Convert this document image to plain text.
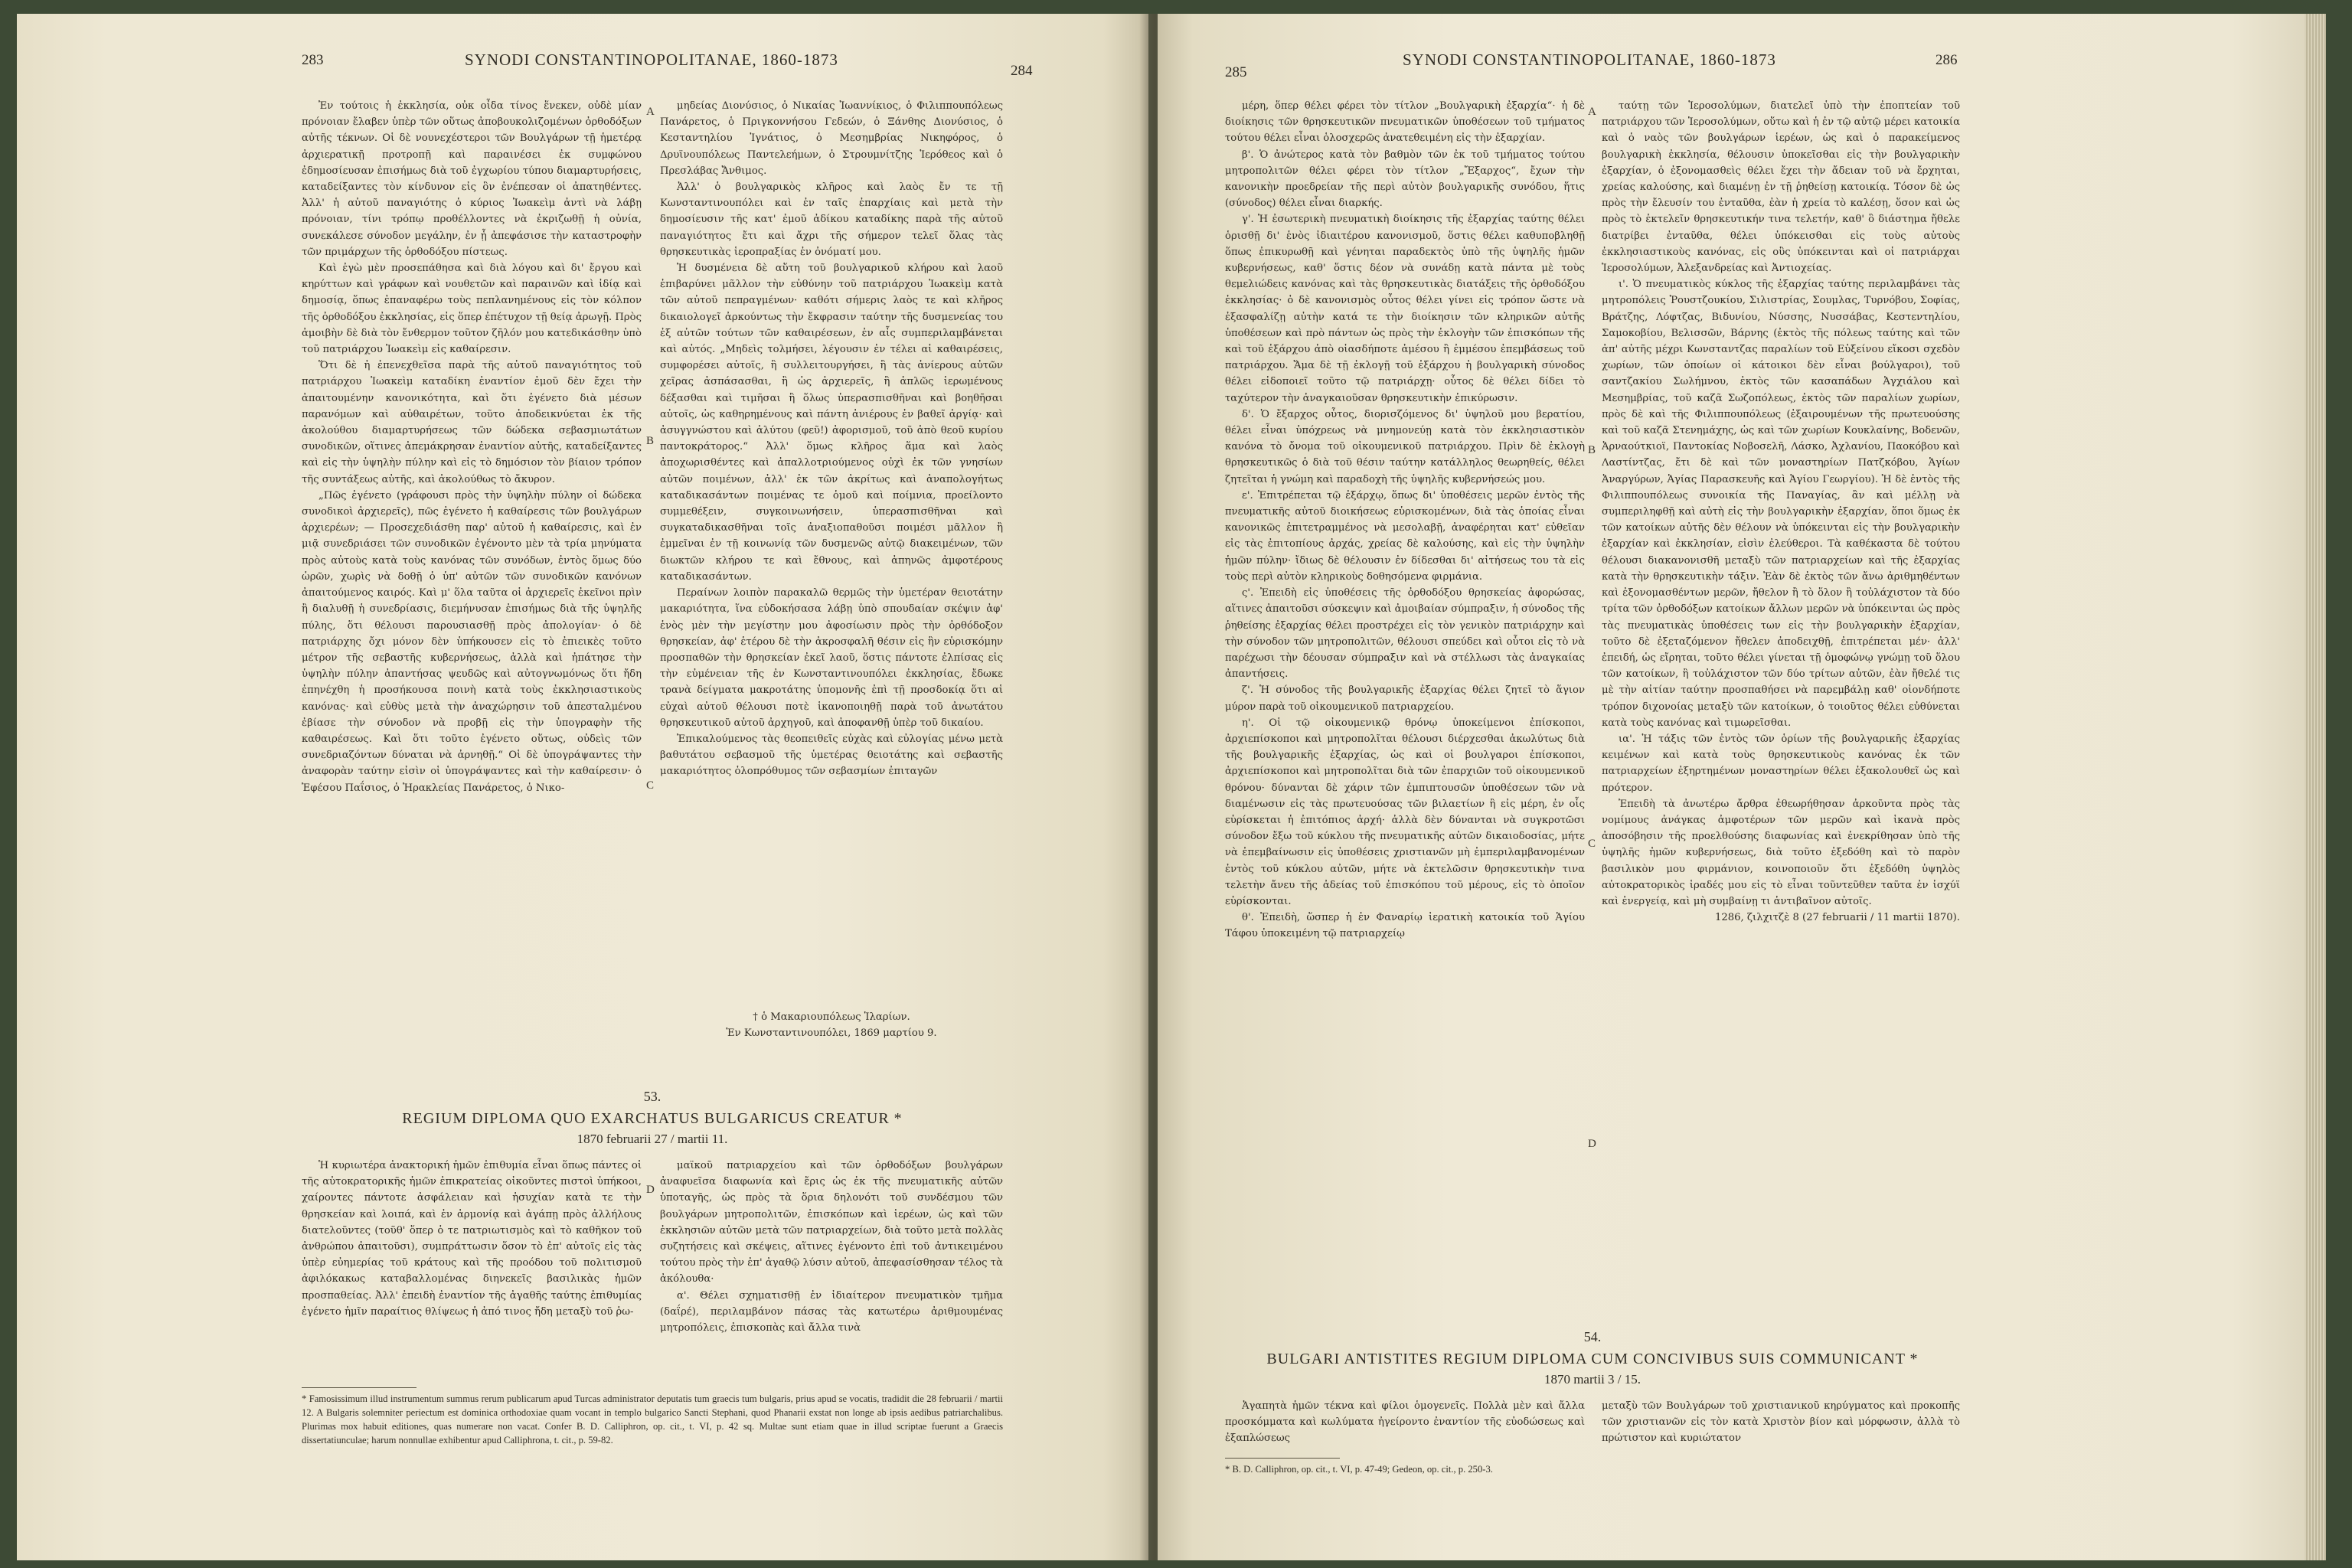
283	SYNODI CONSTANTINOPOLITANAE, 1860-1873
284

Ἐν τούτοις ἡ ἐκκλησία, οὐκ οἶδα τίνος ἕνεκεν, οὐδὲ μίαν πρόνοιαν ἔλαβεν ὑπὲρ τῶν οὕτως ἀποβουκολιζομένων ὀρθοδόξων αὐτῆς τέκνων. Οἱ δὲ νουνεχέστεροι τῶν Βουλγάρων τῇ ἡμετέρᾳ ἀρχιερατικῇ προτροπῇ καὶ παραινέσει ἐκ συμφώνου ἐδημοσίευσαν ἐπισήμως διὰ τοῦ ἐγχωρίου τύπου διαμαρτυρήσεις, καταδείξαντες τὸν κίνδυνον εἰς ὃν ἐνέπεσαν οἱ ἀπατηθέντες. Ἀλλ' ἡ αὐτοῦ παναγιότης ὁ κύριος Ἰωακεὶμ ἀντὶ νὰ λάβῃ πρόνοιαν, τίνι τρόπῳ προθέλλοντες νὰ ἐκριζωθῇ ἡ οὐνία, συνεκάλεσε σύνοδον μεγάλην, ἐν ᾗ ἀπεφάσισε τὴν καταστροφὴν τῶν πριμάρχων τῆς ὀρθοδόξου πίστεως.

Καὶ ἐγὼ μὲν προσεπάθησα καὶ διὰ λόγου καὶ δι' ἔργου καὶ κηρύττων καὶ γράφων καὶ νουθετῶν καὶ παραινῶν καὶ ἰδίᾳ καὶ δημοσίᾳ, ὅπως ἐπαναφέρω τοὺς πεπλανημένους εἰς τὸν κόλπον τῆς ὀρθοδόξου ἐκκλησίας, εἰς ὅπερ ἐπέτυχον τῇ θείᾳ ἀρωγῇ. Πρὸς ἀμοιβὴν δὲ διὰ τὸν ἔνθερμον τοῦτον ζῆλόν μου κατεδικάσθην ὑπὸ τοῦ πατριάρχου Ἰωακεὶμ εἰς καθαίρεσιν.

Ὅτι δὲ ἡ ἐπενεχθεῖσα παρὰ τῆς αὐτοῦ παναγιότητος τοῦ πατριάρχου Ἰωακεὶμ καταδίκη ἐναντίον ἐμοῦ δὲν ἔχει τὴν ἀπαιτουμένην κανονικότητα, καὶ ὅτι ἐγένετο διὰ μέσων παρανόμων καὶ αὐθαιρέτων, τοῦτο ἀποδεικνύεται ἐκ τῆς ἀκολούθου διαμαρτυρήσεως τῶν δώδεκα σεβασμιωτάτων συνοδικῶν, οἵτινες ἀπεμάκρησαν ἐναντίον αὐτῆς, καταδείξαντες καὶ εἰς τὴν ὑψηλὴν πύλην καὶ εἰς τὸ δημόσιον τὸν βίαιον τρόπον τῆς συντάξεως αὐτῆς, καὶ ἀκολούθως τὸ ἄκυρον.

„Πῶς ἐγένετο (γράφουσι πρὸς τὴν ὑψηλὴν πύλην οἱ δώδεκα συνοδικοὶ ἀρχιερεῖς), πῶς ἐγένετο ἡ καθαίρεσις τῶν βουλγάρων ἀρχιερέων; — Προσεχεδιάσθη παρ' αὐτοῦ ἡ καθαίρεσις, καὶ ἐν μιᾷ συνεδριάσει τῶν συνοδικῶν ἐγένοντο μὲν τὰ τρία μηνύματα πρὸς αὐτοὺς κατὰ τοὺς κανόνας τῶν συνόδων, ἐντὸς ὅμως δύο ὡρῶν, χωρὶς νὰ δοθῇ ὁ ὑπ' αὐτῶν τῶν συνοδικῶν κανόνων ἀπαιτούμενος καιρός. Καὶ μ' ὅλα ταῦτα οἱ ἀρχιερεῖς ἐκεῖνοι πρὶν ἢ διαλυθῇ ἡ συνεδρίασις, διεμήνυσαν ἐπισήμως διὰ τῆς ὑψηλῆς πύλης, ὅτι θέλουσι παρουσιασθῇ πρὸς ἀπολογίαν· ὁ δὲ πατριάρχης ὄχι μόνον δὲν ὑπήκουσεν εἰς τὸ ἐπιεικὲς τοῦτο μέτρον τῆς σεβαστῆς κυβερνήσεως, ἀλλὰ καὶ ἠπάτησε τὴν ὑψηλὴν πύλην ἀπαντήσας ψευδῶς καὶ αὐτογνωμόνως ὅτι ἤδη ἐπηνέχθη ἡ προσήκουσα ποινὴ κατὰ τοὺς ἐκκλησιαστικοὺς κανόνας· καὶ εὐθὺς μετὰ τὴν ἀναχώρησιν τοῦ ἀπεσταλμένου ἐβίασε τὴν σύνοδον νὰ προβῇ εἰς τὴν ὑπογραφὴν τῆς καθαιρέσεως. Καὶ ὅτι τοῦτο ἐγένετο οὕτως, οὐδεὶς τῶν συνεδριαζόντων δύναται νὰ ἀρνηθῇ.“ Οἱ δὲ ὑπογράψαντες τὴν ἀναφορὰν ταύτην εἰσὶν οἱ ὑπογράψαντες καὶ τὴν καθαίρεσιν· ὁ Ἐφέσου Παΐσιος, ὁ Ἡρακλείας Πανάρετος, ὁ Νικο-

A
B
C
D

μηδείας Διονύσιος, ὁ Νικαίας Ἰωαννίκιος, ὁ Φιλιππουπόλεως Πανάρετος, ὁ Πριγκοννήσου Γεδεών, ὁ Ξάνθης Διονύσιος, ὁ Κεσταντηλίου Ἰγνάτιος, ὁ Μεσημβρίας Νικηφόρος, ὁ Δρυϊνουπόλεως Παντελεήμων, ὁ Στρουμνίτζης Ἱερόθεος καὶ ὁ Πρεσλάβας Ἄνθιμος.

Ἀλλ' ὁ βουλγαρικὸς κλῆρος καὶ λαὸς ἔν τε τῇ Κωνσταντινουπόλει καὶ ἐν ταῖς ἐπαρχίαις καὶ μετὰ τὴν δημοσίευσιν τῆς κατ' ἐμοῦ ἀδίκου καταδίκης παρὰ τῆς αὐτοῦ παναγιότητος ἔτι καὶ ἄχρι τῆς σήμερον τελεῖ ὅλας τὰς θρησκευτικὰς ἱεροπραξίας ἐν ὀνόματί μου.

Ἡ δυσμένεια δὲ αὕτη τοῦ βουλγαρικοῦ κλήρου καὶ λαοῦ ἐπιβαρύνει μᾶλλον τὴν εὐθύνην τοῦ πατριάρχου Ἰωακεὶμ κατὰ τῶν αὐτοῦ πεπραγμένων· καθότι σήμερις λαὸς τε καὶ κλῆρος δικαιολογεῖ ἀρκούντως τὴν ἔκφρασιν ταύτην τῆς δυσμενείας του ἐξ αὐτῶν τούτων τῶν καθαιρέσεων, ἐν αἷς συμπεριλαμβάνεται καὶ αὐτός. „Μηδεὶς τολμήσει, λέγουσιν ἐν τέλει αἱ καθαιρέσεις, συμφορέσει αὐτοῖς, ἢ συλλειτουργήσει, ἢ τὰς ἀνίερους αὐτῶν χεῖρας ἀσπάσασθαι, ἢ ὡς ἀρχιερεῖς, ἢ ἁπλῶς ἱερωμένους δέξασθαι καὶ τιμῆσαι ἢ ὅλως ὑπερασπισθῆναι καὶ βοηθῆσαι αὐτοῖς, ὡς καθηρημένους καὶ πάντη ἀνιέρους ἐν βαθεῖ ἀργίᾳ· καὶ ἀσυγγνώστου καὶ ἀλύτου (φεῦ!) ἀφορισμοῦ, τοῦ ἀπὸ θεοῦ κυρίου παντοκράτορος.“ Ἀλλ' ὅμως κλῆρος ἅμα καὶ λαὸς ἀποχωρισθέντες καὶ ἀπαλλοτριούμενος οὐχὶ ἐκ τῶν γνησίων αὐτῶν ποιμένων, ἀλλ' ἐκ τῶν ἀκρίτως καὶ ἀναπολογήτως καταδικασάντων ποιμένας τε ὁμοῦ καὶ ποίμνια, προείλοντο συμμεθέξειν, συγκοινωνήσειν, ὑπερασπισθῆναι καὶ συγκαταδικασθῆναι τοῖς ἀναξιοπαθοῦσι ποιμέσι μᾶλλον ἢ ἐμμεῖναι ἐν τῇ κοινωνίᾳ τῶν δυσμενῶς αὐτῷ διακειμένων, τῶν διωκτῶν κλήρου τε καὶ ἔθνους, καὶ ἀπηνῶς ἀμφοτέρους καταδικασάντων.

Περαίνων λοιπὸν παρακαλῶ θερμῶς τὴν ὑμετέραν θειοτάτην μακαριότητα, ἵνα εὐδοκήσασα λάβῃ ὑπὸ σπουδαίαν σκέψιν ἀφ' ἑνὸς μὲν τὴν μεγίστην μου ἀφοσίωσιν πρὸς τὴν ὀρθόδοξον θρησκείαν, ἀφ' ἑτέρου δὲ τὴν ἀκροσφαλῆ θέσιν εἰς ἣν εὑρισκόμην προσπαθῶν τὴν θρησκείαν ἐκεῖ λαοῦ, ὅστις πάντοτε ἐλπίσας εἰς τὴν εὐμένειαν τῆς ἐν Κωνσταντινουπόλει ἐκκλησίας, ἔδωκε τρανὰ δείγματα μακροτάτης ὑπομονῆς ἐπὶ τῇ προσδοκίᾳ ὅτι αἱ εὐχαὶ αὐτοῦ θέλουσι ποτὲ ἱκανοποιηθῇ παρὰ τοῦ ἀνωτάτου θρησκευτικοῦ αὐτοῦ ἀρχηγοῦ, καὶ ἀποφανθῇ ὑπὲρ τοῦ δικαίου.

Ἐπικαλούμενος τὰς θεοπειθεῖς εὐχὰς καὶ εὐλογίας μένω μετὰ βαθυτάτου σεβασμοῦ τῆς ὑμετέρας θειοτάτης καὶ σεβαστῆς μακαριότητος ὁλοπρόθυμος τῶν σεβασμίων ἐπιταγῶν

† ὁ Μακαριουπόλεως Ἱλαρίων.
Ἐν Κωνσταντινουπόλει, 1869 μαρτίου 9.
53.
REGIUM DIPLOMA QUO EXARCHATUS BULGARICUS CREATUR *
1870 februarii 27 / martii 11.

Ἡ κυριωτέρα ἀνακτορική ἡμῶν ἐπιθυμία εἶναι ὅπως πάντες οἱ τῆς αὐτοκρατορικῆς ἡμῶν ἐπικρατείας οἰκοῦντες πιστοὶ ὑπήκοοι, χαίροντες πάντοτε ἀσφάλειαν καὶ ἡσυχίαν κατὰ τε τὴν θρησκείαν καὶ λοιπά, καὶ ἐν ἁρμονίᾳ καὶ ἀγάπῃ πρὸς ἀλλήλους διατελοῦντες (τοῦθ' ὅπερ ὁ τε πατριωτισμὸς καὶ τὸ καθῆκον τοῦ ἀνθρώπου ἀπαιτοῦσι), συμπράττωσιν ὅσον τὸ ἐπ' αὐτοῖς εἰς τὰς ὑπὲρ εὐημερίας τοῦ κράτους καὶ τῆς προόδου τοῦ πολιτισμοῦ ἀφιλόκακως καταβαλλομένας διηνεκεῖς βασιλικὰς ἡμῶν προσπαθείας. Ἀλλ' ἐπειδὴ ἐναντίον τῆς ἀγαθῆς ταύτης ἐπιθυμίας ἐγένετο ἡμῖν παραίτιος θλίψεως ἡ ἀπό τινος ἤδη μεταξὺ τοῦ ῥω-

μαϊκοῦ πατριαρχείου καὶ τῶν ὀρθοδόξων βουλγάρων ἀναφυεῖσα διαφωνία καὶ ἔρις ὡς ἐκ τῆς πνευματικῆς αὐτῶν ὑποταγῆς, ὡς πρὸς τὰ ὅρια δηλονότι τοῦ συνδέσμου τῶν βουλγάρων μητροπολιτῶν, ἐπισκόπων καὶ ἱερέων, ὡς καὶ τῶν ἐκκλησιῶν αὐτῶν μετὰ τῶν πατριαρχείων, διὰ τοῦτο μετὰ πολλὰς συζητήσεις καὶ σκέψεις, αἵτινες ἐγένοντο ἐπὶ τοῦ ἀντικειμένου τούτου πρὸς τὴν ἐπ' ἀγαθῷ λύσιν αὐτοῦ, ἀπεφασίσθησαν τέλος τὰ ἀκόλουθα·

α'. Θέλει σχηματισθῇ ἐν ἰδιαίτερον πνευματικὸν τμῆμα (δαΐρέ), περιλαμβάνον πάσας τὰς κατωτέρω ἀριθμουμένας μητροπόλεις, ἐπισκοπὰς καὶ ἄλλα τινὰ

* Famosissimum illud instrumentum summus rerum publicarum apud Turcas administrator deputatis tum graecis tum bulgaris, prius apud se vocatis, tradidit die 28 februarii / martii 12. A Bulgaris solemniter periectum est dominica orthodoxiae quam vocant in templo bulgarico Sancti Stephani, quod Phanarii exstat non longe ab ipsis aedibus patriarchalibus. Plurimas mox habuit editiones, quas numerare non vacat. Confer B. D. Calliphron, op. cit., t. VI, p. 42 sq. Multae sunt etiam quae in illud scriptae fuerunt a Graecis dissertatiunculae; harum nonnullae exhibentur apud Calliphrona, t. cit., p. 59-82.
285
SYNODI CONSTANTINOPOLITANAE, 1860-1873	286

μέρη, ὅπερ θέλει φέρει τὸν τίτλον „Βουλγαρικὴ ἐξαρχία“· ἡ δὲ διοίκησις τῶν θρησκευτικῶν πνευματικῶν ὑποθέσεων τοῦ τμήματος τούτου θέλει εἶναι ὁλοσχερῶς ἀνατεθειμένη εἰς τὴν ἐξαρχίαν.

β'. Ὁ ἀνώτερος κατὰ τὸν βαθμὸν τῶν ἐκ τοῦ τμήματος τούτου μητροπολιτῶν θέλει φέρει τὸν τίτλον „Ἔξαρχος“, ἔχων τὴν κανονικὴν προεδρείαν τῆς περὶ αὐτὸν βουλγαρικῆς συνόδου, ἥτις (σύνοδος) θέλει εἶναι διαρκής.

γ'. Ἡ ἐσωτερικὴ πνευματικὴ διοίκησις τῆς ἐξαρχίας ταύτης θέλει ὁρισθῇ δι' ἑνὸς ἰδιαιτέρου κανονισμοῦ, ὅστις θέλει καθυποβληθῇ ὅπως ἐπικυρωθῇ καὶ γένηται παραδεκτὸς ὑπὸ τῆς ὑψηλῆς ἡμῶν κυβερνήσεως, καθ' ὅστις δέον νὰ συνάδῃ κατὰ πάντα μὲ τοὺς θεμελιώδεις κανόνας καὶ τὰς θρησκευτικὰς διατάξεις τῆς ὀρθοδόξου ἐκκλησίας· ὁ δὲ κανονισμὸς οὗτος θέλει γίνει εἰς τρόπον ὥστε νὰ ἐξασφαλίζῃ αὐτὴν κατά τε τὴν διοίκησιν τῶν κληρικῶν αὐτῆς ὑποθέσεων καὶ πρὸ πάντων ὡς πρὸς τὴν ἐκλογὴν τῶν ἐπισκόπων τῆς καὶ τοῦ ἐξάρχου ἀπὸ οἱασδήποτε ἀμέσου ἢ ἐμμέσου ἐπεμβάσεως τοῦ πατριάρχου. Ἅμα δὲ τῇ ἐκλογῇ τοῦ ἐξάρχου ἡ βουλγαρικὴ σύνοδος θέλει εἰδοποιεῖ τοῦτο τῷ πατριάρχῃ· οὗτος δὲ θέλει δίδει τὸ ταχύτερον τὴν ἀναγκαιοῦσαν θρησκευτικὴν ἐπικύρωσιν.

δ'. Ὁ ἔξαρχος οὗτος, διορισζόμενος δι' ὑψηλοῦ μου βερατίου, θέλει εἶναι ὑπόχρεως νὰ μνημονεύῃ κατὰ τὸν ἐκκλησιαστικὸν κανόνα τὸ ὄνομα τοῦ οἰκουμενικοῦ πατριάρχου. Πρὶν δὲ ἐκλογὴ θρησκευτικῶς ὁ διὰ τοῦ θέσιν ταύτην κατάλληλος θεωρηθείς, θέλει ζητεῖται ἡ γνώμη καὶ παραδοχὴ τῆς ὑψηλῆς κυβερνήσεώς μου.

ε'. Ἐπιτρέπεται τῷ ἐξάρχῳ, ὅπως δι' ὑποθέσεις μερῶν ἐντὸς τῆς πνευματικῆς αὐτοῦ διοικήσεως εὑρισκομένων, διὰ τὰς ὁποίας εἶναι κανονικῶς ἐπιτετραμμένος νὰ μεσολαβῇ, ἀναφέρηται κατ' εὐθεῖαν εἰς τὰς ἐπιτοπίους ἀρχάς, χρείας δὲ καλούσης, καὶ εἰς τὴν ὑψηλὴν ἡμῶν πύλην· ἴδιως δὲ θέλουσιν ἐν δίδεσθαι δι' αἰτήσεως του τὰ εἰς τοὺς περὶ αὐτὸν κληρικοὺς δοθησόμενα φιρμάνια.

ς'. Ἐπειδὴ εἰς ὑποθέσεις τῆς ὀρθοδόξου θρησκείας ἀφορώσας, αἵτινες ἀπαιτοῦσι σύσκεψιν καὶ ἀμοιβαίαν σύμπραξιν, ἡ σύνοδος τῆς ῥηθείσης ἐξαρχίας θέλει προστρέχει εἰς τὸν γενικὸν πατριάρχην καὶ τὴν σύνοδον τῶν μητροπολιτῶν, θέλουσι σπεύδει καὶ οὗτοι εἰς τὸ νὰ παρέχωσι τὴν δέουσαν σύμπραξιν καὶ νὰ στέλλωσι τὰς ἀναγκαίας ἀπαντήσεις.

ζ'. Ἡ σύνοδος τῆς βουλγαρικῆς ἐξαρχίας θέλει ζητεῖ τὸ ἅγιον μύρον παρὰ τοῦ οἰκουμενικοῦ πατριαρχείου.

η'. Οἱ τῷ οἰκουμενικῷ θρόνῳ ὑποκείμενοι ἐπίσκοποι, ἀρχιεπίσκοποι καὶ μητροπολῖται θέλουσι διέρχεσθαι ἀκωλύτως διὰ τῆς βουλγαρικῆς ἐξαρχίας, ὡς καὶ οἱ βουλγαροι ἐπίσκοποι, ἀρχιεπίσκοποι καὶ μητροπολῖται διὰ τῶν ἐπαρχιῶν τοῦ οἰκουμενικοῦ θρόνου· δύνανται δὲ χάριν τῶν ἐμπιπτουσῶν ὑποθέσεων τῶν νὰ διαμένωσιν εἰς τὰς πρωτευούσας τῶν βιλαετίων ἢ εἰς μέρη, ἐν οἷς εὑρίσκεται ἡ ἐπιτόπιος ἀρχή· ἀλλὰ δὲν δύνανται νὰ συγκροτῶσι σύνοδον ἔξω τοῦ κύκλου τῆς πνευματικῆς αὐτῶν δικαιοδοσίας, μήτε νὰ ἐπεμβαίνωσιν εἰς ὑποθέσεις χριστιανῶν μὴ ἐμπεριλαμβανομένων ἐντὸς τοῦ κύκλου αὐτῶν, μήτε νὰ ἐκτελῶσιν θρησκευτικὴν τινα τελετὴν ἄνευ τῆς ἀδείας τοῦ ἐπισκόπου τοῦ μέρους, εἰς τὸ ὁποῖον εὑρίσκονται.

θ'. Ἐπειδὴ, ὥσπερ ἡ ἐν Φαναρίῳ ἱερατικὴ κατοικία τοῦ Ἁγίου Τάφου ὑποκειμένη τῷ πατριαρχείῳ

A
B
C
D

ταύτῃ τῶν Ἱεροσολύμων, διατελεῖ ὑπὸ τὴν ἐποπτείαν τοῦ πατριάρχου τῶν Ἱεροσολύμων, οὕτω καὶ ἡ ἐν τῷ αὐτῷ μέρει κατοικία καὶ ὁ ναὸς τῶν βουλγάρων ἱερέων, ὡς καὶ ὁ παρακείμενος βουλγαρικὴ ἐκκλησία, θέλουσιν ὑποκεῖσθαι εἰς τὴν βουλγαρικὴν ἐξαρχίαν, ὁ ἐξονομασθεὶς θέλει ἔχει τὴν ἄδειαν τοῦ νὰ ἔρχηται, χρείας καλούσης, καὶ διαμένῃ ἐν τῇ ῥηθείσῃ κατοικίᾳ. Τόσον δὲ ὡς πρὸς τὴν ἔλευσίν του ἐνταῦθα, ἐὰν ἡ χρεία τὸ καλέσῃ, ὅσον καὶ ὡς πρὸς τὸ ἐκτελεῖν θρησκευτικήν τινα τελετήν, καθ' ὃ διάστημα ἤθελε διατρίβει ἐνταῦθα, θέλει ὑπόκεισθαι εἰς τοὺς αὐτοὺς ἐκκλησιαστικοὺς κανόνας, εἰς οὓς ὑπόκεινται καὶ οἱ πατριάρχαι Ἱεροσολύμων, Ἀλεξανδρείας καὶ Ἀντιοχείας.

ι'. Ὁ πνευματικὸς κύκλος τῆς ἐξαρχίας ταύτης περιλαμβάνει τὰς μητροπόλεις Ῥουστζουκίου, Σιλιστρίας, Σουμλας, Τυρνόβου, Σοφίας, Βράτζης, Λόφτζας, Βιδυνίου, Νύσσης, Νυσσάβας, Κεστεντηλίου, Σαμοκοβίου, Βελισσῶν, Βάρνης (ἐκτὸς τῆς πόλεως ταύτης καὶ τῶν ἀπ' αὐτῆς μέχρι Κωνσταντζας παραλίων τοῦ Εὐξείνου εἴκοσι σχεδὸν χωρίων, τῶν ὁποίων οἱ κάτοικοι δὲν εἶναι βούλγαροι), τοῦ σαντζακίου Σωλήμνου, ἐκτὸς τῶν κασαπάδων Ἀγχιάλου καὶ Μεσημβρίας, τοῦ καζᾶ Σωζοπόλεως, ἐκτὸς τῶν παραλίων χωρίων, πρὸς δὲ καὶ τῆς Φιλιππουπόλεως (ἐξαιρουμένων τῆς πρωτευούσης καὶ τοῦ καζᾶ Στενημάχης, ὡς καὶ τῶν χωρίων Κουκλαίνης, Βοδενῶν, Ἀρναούτκιοϊ, Παντοκίας Νοβοσελῆ, Λάσκο, Ἀχλανίου, Παοκόβου καὶ Λαστίντζας, ἔτι δὲ καὶ τῶν μοναστηρίων Πατζκόβου, Ἁγίων Ἀναργύρων, Ἁγίας Παρασκευῆς καὶ Ἁγίου Γεωργίου). Ἡ δὲ ἐντὸς τῆς Φιλιππουπόλεως συνοικία τῆς Παναγίας, ἂν καὶ μέλλῃ νὰ συμπεριληφθῇ καὶ αὐτὴ εἰς τὴν βουλγαρικὴν ἐξαρχίαν, ὅποι ὅμως ἐκ τῶν κατοίκων αὐτῆς δὲν θέλουν νὰ ὑπόκεινται εἰς τὴν βουλγαρικὴν ἐξαρχίαν καὶ ἐκκλησίαν, εἰσὶν ἐλεύθεροι. Τὰ καθέκαστα δὲ τούτου θέλουσι διακανονισθῆ μεταξὺ τῶν πατριαρχείων καὶ τῆς ἐξαρχίας κατὰ τὴν θρησκευτικὴν τάξιν. Ἐὰν δὲ ἐκτὸς τῶν ἄνω ἀριθμηθέντων καὶ ἐξονομασθέντων μερῶν, ἤθελον ἢ τὸ ὅλον ἢ τοὐλάχιστον τὰ δύο τρίτα τῶν ὀρθοδόξων κατοίκων ἄλλων μερῶν νὰ ὑπόκεινται ὡς πρὸς τὰς πνευματικὰς ὑποθέσεις των εἰς τὴν βουλγαρικὴν ἐξαρχίαν, τοῦτο δὲ ἐξεταζόμενον ἤθελεν ἀποδειχθῇ, ἐπιτρέπεται μέν· ἀλλ' ἐπειδή, ὡς εἴρηται, τοῦτο θέλει γίνεται τῇ ὁμοφώνῳ γνώμῃ τοῦ ὅλου τῶν κατοίκων, ἢ τοὐλάχιστον τῶν δύο τρίτων αὐτῶν, ἐὰν ἤθελέ τις μὲ τὴν αἰτίαν ταύτην προσπαθήσει νὰ παρεμβάλῃ καθ' οἱονδήποτε τρόπον διχονοίας μεταξὺ τῶν κατοίκων, ὁ τοιοῦτος θέλει εὐθύνεται κατὰ τοὺς κανόνας καὶ τιμωρεῖσθαι.

ια'. Ἡ τάξις τῶν ἐντὸς τῶν ὁρίων τῆς βουλγαρικῆς ἐξαρχίας κειμένων καὶ κατὰ τοὺς θρησκευτικοὺς κανόνας ἐκ τῶν πατριαρχείων ἐξηρτημένων μοναστηρίων θέλει ἐξακολουθεῖ ὡς καὶ πρότερον.

Ἐπειδὴ τὰ ἀνωτέρω ἄρθρα ἐθεωρήθησαν ἀρκοῦντα πρὸς τὰς νομίμους ἀνάγκας ἀμφοτέρων τῶν μερῶν καὶ ἱκανὰ πρὸς ἀποσόβησιν τῆς προελθούσης διαφωνίας καὶ ἐνεκρίθησαν ὑπὸ τῆς ὑψηλῆς ἡμῶν κυβερνήσεως, διὰ τοῦτο ἐξεδόθη καὶ τὸ παρὸν βασιλικὸν μου φιρμάνιον, κοινοποιοῦν ὅτι ἐξεδόθη ὑψηλὸς αὐτοκρατορικὸς ἱραδές μου εἰς τὸ εἶναι τοῦντεῦθεν ταῦτα ἐν ἰσχύϊ καὶ ἐνεργείᾳ, καὶ μὴ συμβαίνῃ τι ἀντιβαῖνον αὐτοῖς.

1286, ζιλχιτζὲ 8 (27 februarii / 11 martii 1870).

54.
BULGARI ANTISTITES REGIUM DIPLOMA CUM CONCIVIBUS SUIS COMMUNICANT *
1870 martii 3 / 15.

Ἀγαπητὰ ἡμῶν τέκνα καὶ φίλοι ὁμογενεῖς. Πολλὰ μὲν καὶ ἄλλα προσκόμματα καὶ κωλύματα ἠγείροντο ἐναντίον τῆς εὐοδώσεως καὶ ἐξαπλώσεως

μεταξὺ τῶν Βουλγάρων τοῦ χριστιανικοῦ κηρύγματος καὶ προκοπῆς τῶν χριστιανῶν εἰς τὸν κατὰ Χριστὸν βίον καὶ μόρφωσιν, ἀλλὰ τὸ πρώτιστον καὶ κυριώτατον

* B. D. Calliphron, op. cit., t. VI, p. 47-49; Gedeon, op. cit., p. 250-3.
